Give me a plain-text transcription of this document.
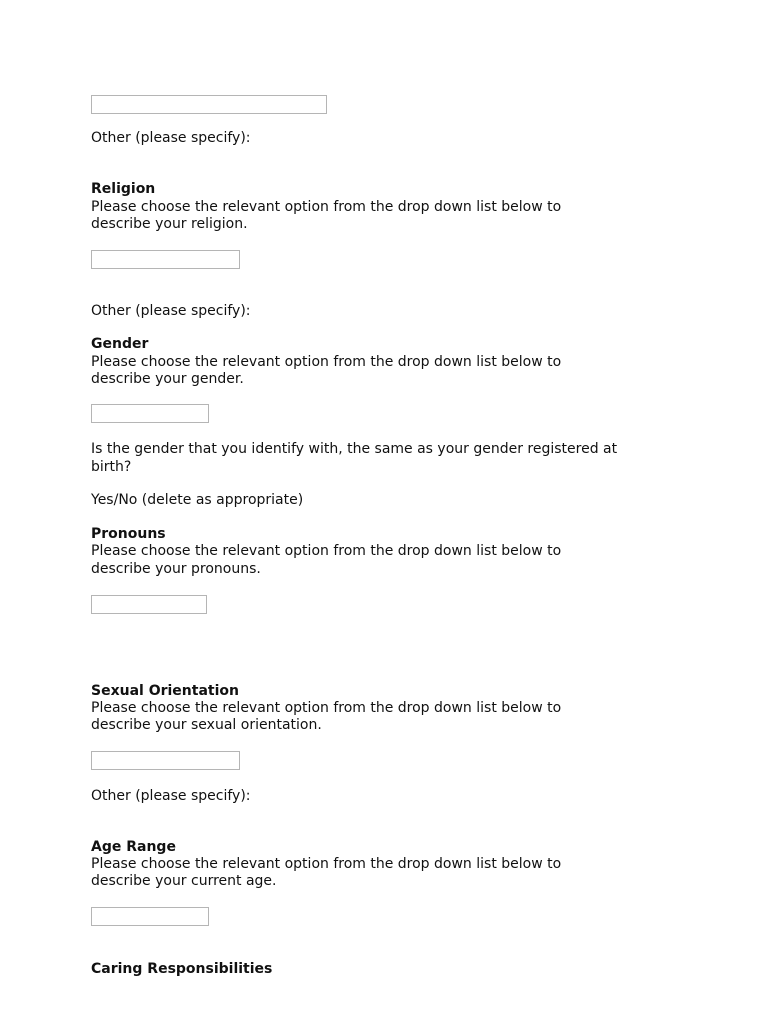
Other (please specify):
Religion
Please choose the relevant option from the drop down list below to
describe your religion.
Other (please specify):
Gender
Please choose the relevant option from the drop down list below to
describe your gender.
Is the gender that you identify with, the same as your gender registered at
birth?
Yes/No (delete as appropriate)
Pronouns
Please choose the relevant option from the drop down list below to
describe your pronouns.
Sexual Orientation
Please choose the relevant option from the drop down list below to
describe your sexual orientation.
Other (please specify):
Age Range
Please choose the relevant option from the drop down list below to
describe your current age.
Caring Responsibilities
